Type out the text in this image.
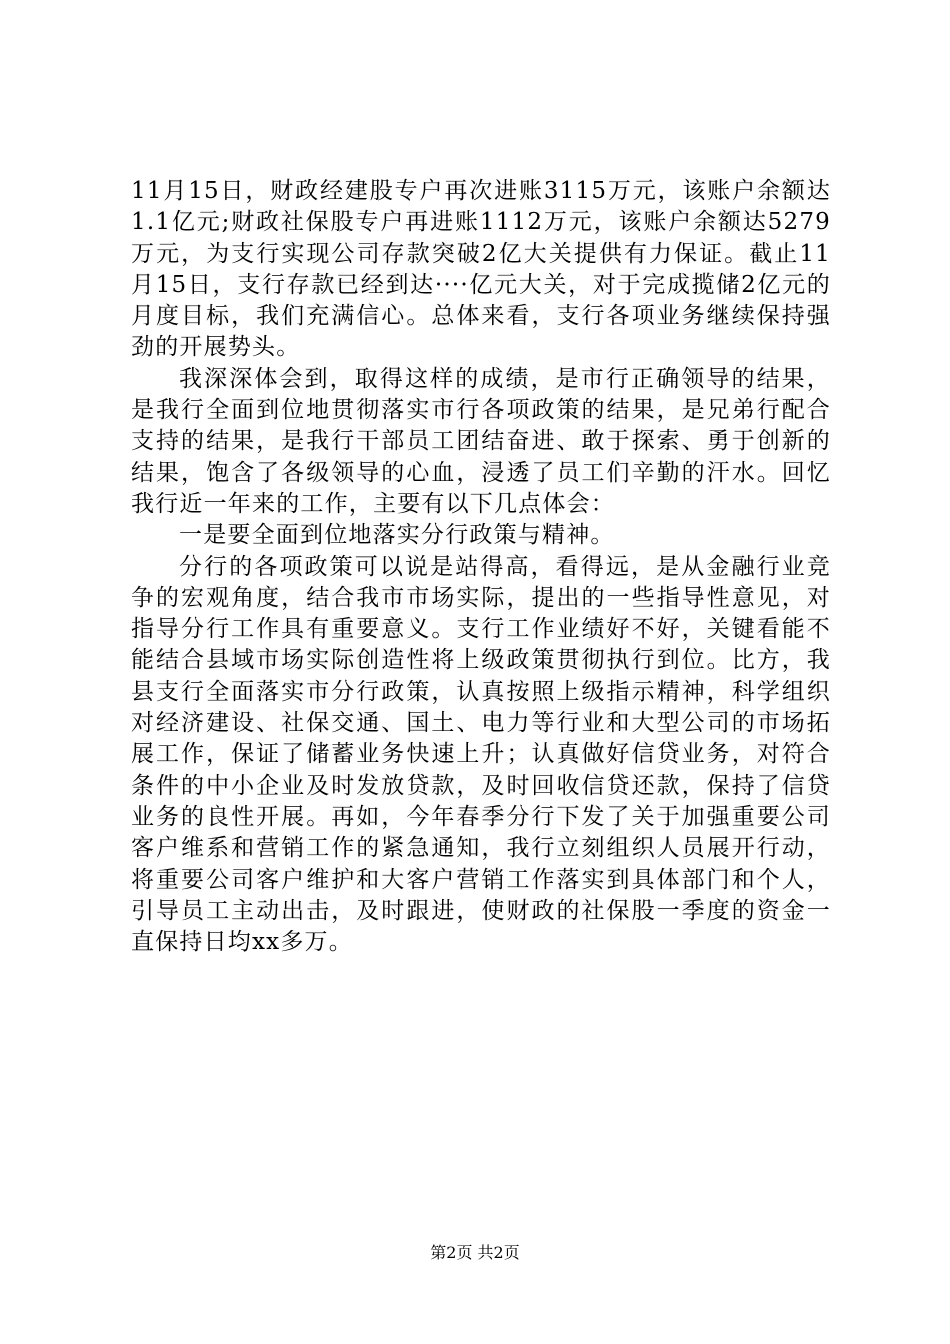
11月15日，财政经建股专户再次进账3115万元，该账户余额达1.1亿元;财政社保股专户再进账1112万元，该账户余额达5279万元，为支行实现公司存款突破2亿大关提供有力保证。截止11月15日，支行存款已经到达····亿元大关，对于完成揽储2亿元的月度目标，我们充满信心。总体来看，支行各项业务继续保持强劲的开展势头。

我深深体会到，取得这样的成绩，是市行正确领导的结果，是我行全面到位地贯彻落实市行各项政策的结果，是兄弟行配合支持的结果，是我行干部员工团结奋进、敢于探索、勇于创新的结果，饱含了各级领导的心血，浸透了员工们辛勤的汗水。回忆我行近一年来的工作，主要有以下几点体会：

一是要全面到位地落实分行政策与精神。

分行的各项政策可以说是站得高，看得远，是从金融行业竞争的宏观角度，结合我市市场实际，提出的一些指导性意见，对指导分行工作具有重要意义。支行工作业绩好不好，关键看能不能结合县域市场实际创造性将上级政策贯彻执行到位。比方，我县支行全面落实市分行政策，认真按照上级指示精神，科学组织对经济建设、社保交通、国土、电力等行业和大型公司的市场拓展工作，保证了储蓄业务快速上升；认真做好信贷业务，对符合条件的中小企业及时发放贷款，及时回收信贷还款，保持了信贷业务的良性开展。再如，今年春季分行下发了关于加强重要公司客户维系和营销工作的紧急通知，我行立刻组织人员展开行动，将重要公司客户维护和大客户营销工作落实到具体部门和个人，引导员工主动出击，及时跟进，使财政的社保股一季度的资金一直保持日均xx多万。

第2页 共2页
